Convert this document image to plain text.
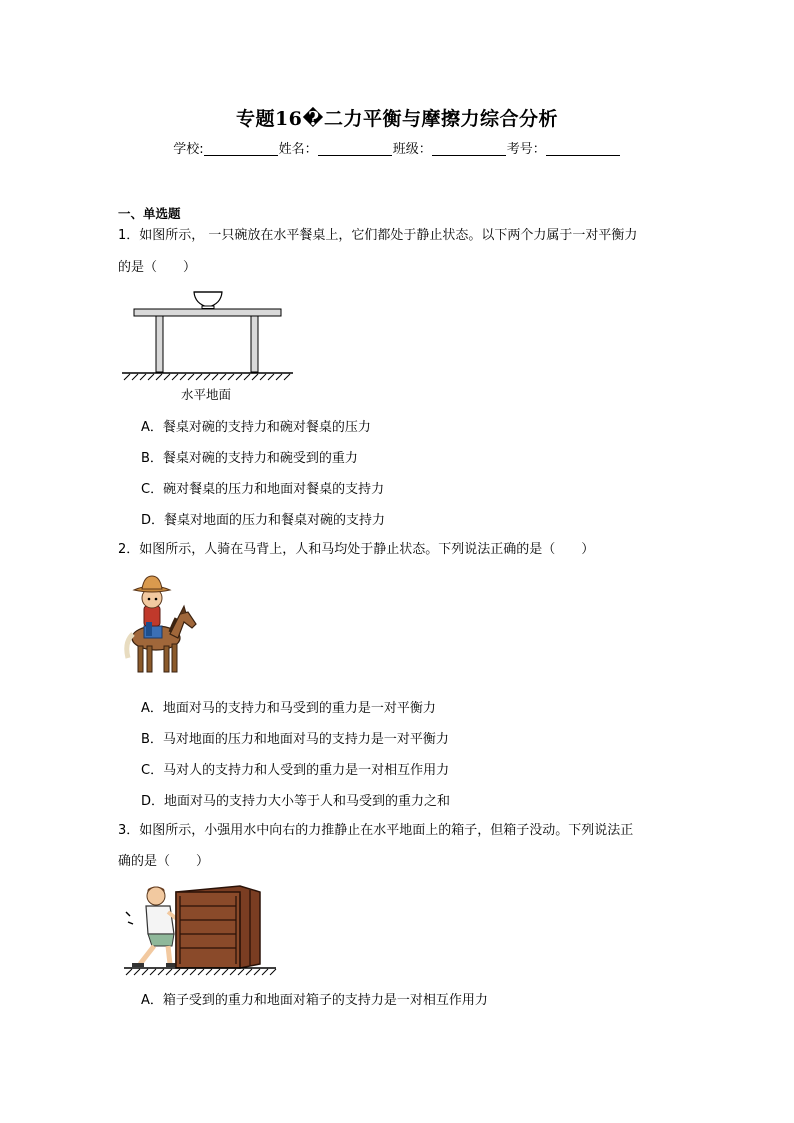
专题16�二力平衡与摩擦力综合分析
学校:	姓名：	班级：	考号：
一、单选题
1．如图所示， 一只碗放在水平餐桌上，它们都处于静止状态。以下两个力属于一对平衡力
的是（　　）
水平地面
A．餐桌对碗的支持力和碗对餐桌的压力
B．餐桌对碗的支持力和碗受到的重力
C．碗对餐桌的压力和地面对餐桌的支持力
D．餐桌对地面的压力和餐桌对碗的支持力
2．如图所示，人骑在马背上，人和马均处于静止状态。下列说法正确的是（　　）
A．地面对马的支持力和马受到的重力是一对平衡力
B．马对地面的压力和地面对马的支持力是一对平衡力
C．马对人的支持力和人受到的重力是一对相互作用力
D．地面对马的支持力大小等于人和马受到的重力之和
3．如图所示，小强用水中向右的力推静止在水平地面上的箱子，但箱子没动。下列说法正
确的是（　　）
A．箱子受到的重力和地面对箱子的支持力是一对相互作用力
